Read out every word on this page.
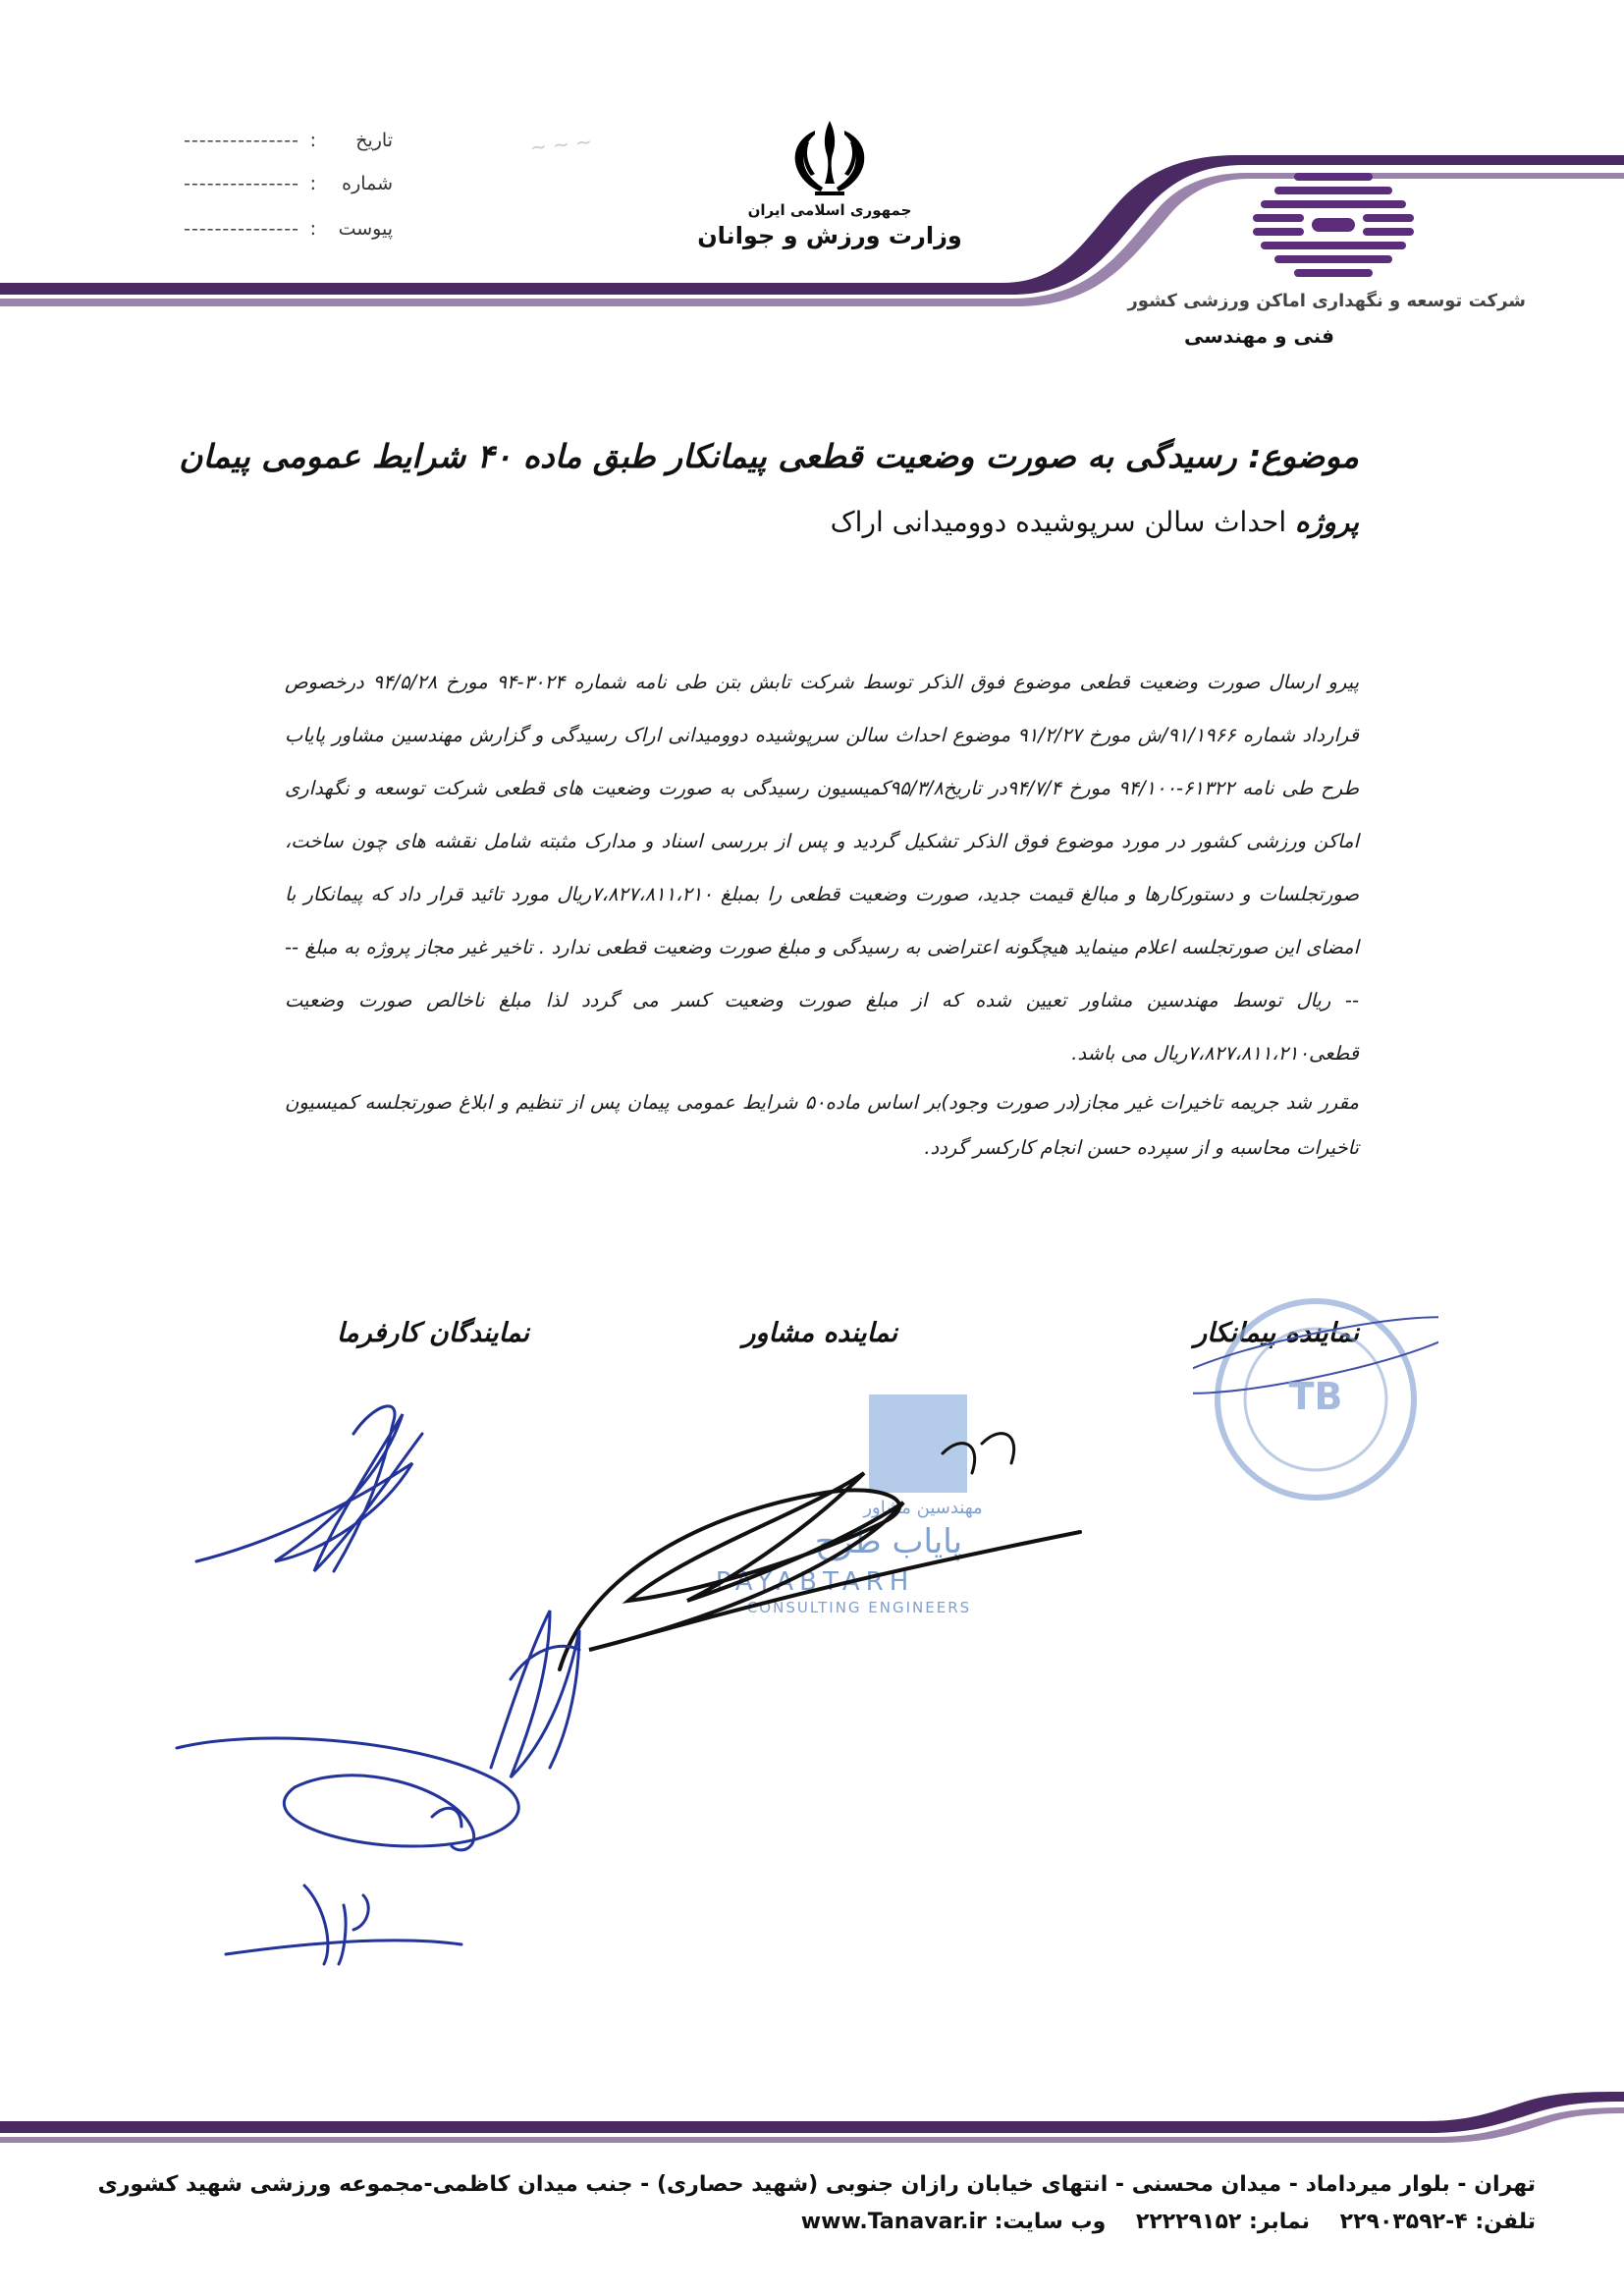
تاریخ
:
---------------
شماره
:
---------------
پیوست
:
---------------
~ ~ ~
جمهوری اسلامی ایران
وزارت ورزش و جوانان
شرکت توسعه و نگهداری اماکن ورزشی کشور
فنی و مهندسی
موضوع: رسیدگی به صورت وضعیت قطعی پیمانکار طبق ماده ۴۰ شرایط عمومی پیمان
پروژه احداث سالن سرپوشیده دوومیدانی اراک

پیرو ارسال صورت وضعیت قطعی موضوع فوق الذکر توسط شرکت تابش بتن طی نامه شماره ۳۰۲۴-۹۴ مورخ ۹۴/۵/۲۸ درخصوص قرارداد شماره ۹۱/۱۹۶۶/ش مورخ ۹۱/۲/۲۷ موضوع احداث سالن سرپوشیده دوومیدانی اراک رسیدگی و گزارش مهندسین مشاور پایاب طرح طی نامه ۶۱۳۲۲-۹۴/۱۰۰ مورخ ۹۴/۷/۴در تاریخ۹۵/۳/۸کمیسیون رسیدگی به صورت وضعیت های قطعی شرکت توسعه و نگهداری اماکن ورزشی کشور در مورد موضوع فوق الذکر تشکیل گردید و پس از بررسی اسناد و مدارک مثبته شامل نقشه های چون ساخت، صورتجلسات و دستورکارها و مبالغ قیمت جدید، صورت وضعیت قطعی را بمبلغ ۷،۸۲۷،۸۱۱،۲۱۰ریال مورد تائید قرار داد که پیمانکار با امضای این صورتجلسه اعلام مینماید هیچگونه اعتراضی به رسیدگی و مبلغ صورت وضعیت قطعی ندارد . تاخیر غیر مجاز پروژه به مبلغ ---- ریال توسط مهندسین مشاور تعیین شده که از مبلغ صورت وضعیت کسر می گردد لذا مبلغ ناخالص صورت وضعیت قطعی۷،۸۲۷،۸۱۱،۲۱۰ریال می باشد.

مقرر شد جریمه تاخیرات غیر مجاز(در صورت وجود)بر اساس ماده۵۰ شرایط عمومی پیمان پس از تنظیم و ابلاغ صورتجلسه کمیسیون تاخیرات محاسبه و از سپرده حسن انجام کارکسر گردد.

نماینده پیمانکار
نماینده مشاور
نمایندگان کارفرما
TB
مهندسین مشاور
پایاب طرح
PAYABTARH
CONSULTING ENGINEERS
تهران - بلوار میرداماد - میدان محسنی - انتهای خیابان رازان جنوبی (شهید حصاری) - جنب میدان کاظمی-مجموعه ورزشی شهید کشوری
تلفن: ۴-۲۲۹۰۳۵۹۲    نمابر: ۲۲۲۲۹۱۵۲    وب سایت: www.Tanavar.ir
